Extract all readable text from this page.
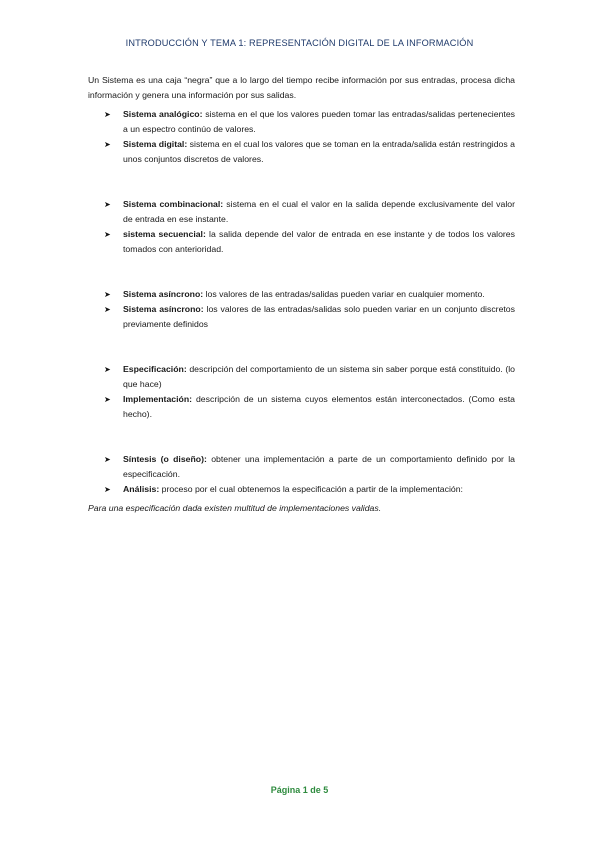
INTRODUCCIÓN Y TEMA 1: REPRESENTACIÓN DIGITAL DE LA INFORMACIÓN

Un Sistema es una caja “negra” que a lo largo del tiempo recibe información por sus entradas, procesa dicha información y genera una información por sus salidas.

➤ Sistema analógico: sistema en el que los valores pueden tomar las entradas/salidas pertenecientes a un espectro continúo de valores.

➤ Sistema digital: sistema en el cual los valores que se toman en la entrada/salida están restringidos a unos conjuntos discretos de valores.

➤ Sistema combinacional: sistema en el cual el valor en la salida depende exclusivamente del valor de entrada en ese instante.

➤ sistema secuencial: la salida depende del valor de entrada en ese instante y de todos los valores tomados con anterioridad.

➤ Sistema asíncrono: los valores de las entradas/salidas pueden variar en cualquier momento.

➤ Sistema asíncrono: los valores de las entradas/salidas solo pueden variar en un conjunto discretos previamente definidos

➤ Especificación: descripción del comportamiento de un sistema sin saber porque está constituido. (lo que hace)

➤ Implementación: descripción de un sistema cuyos elementos están interconectados. (Como esta hecho).

➤ Síntesis (o diseño): obtener una implementación a parte de un comportamiento definido por la especificación.

➤ Análisis: proceso por el cual obtenemos la especificación a partir de la implementación:

Para una especificación dada existen multitud de implementaciones validas.

Página 1 de 5
